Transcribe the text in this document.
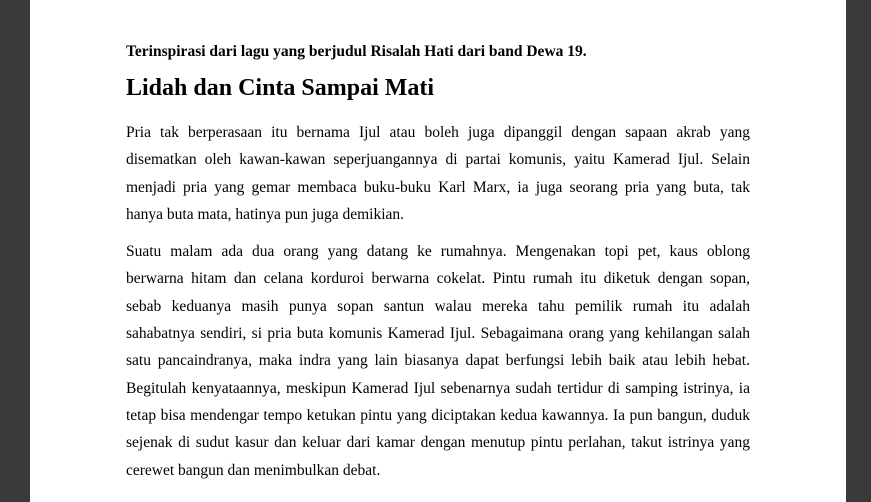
Terinspirasi dari lagu yang berjudul Risalah Hati dari band Dewa 19.

Lidah dan Cinta Sampai Mati
Pria tak berperasaan itu bernama Ijul atau boleh juga dipanggil dengan sapaan akrab yang
disematkan oleh kawan-kawan seperjuangannya di partai komunis, yaitu Kamerad Ijul. Selain
menjadi pria yang gemar membaca buku-buku Karl Marx, ia juga seorang pria yang buta, tak
hanya buta mata, hatinya pun juga demikian.
Suatu malam ada dua orang yang datang ke rumahnya. Mengenakan topi pet, kaus oblong
berwarna hitam dan celana korduroi berwarna cokelat. Pintu rumah itu diketuk dengan sopan,
sebab keduanya masih punya sopan santun walau mereka tahu pemilik rumah itu adalah
sahabatnya sendiri, si pria buta komunis Kamerad Ijul. Sebagaimana orang yang kehilangan salah
satu pancaindranya, maka indra yang lain biasanya dapat berfungsi lebih baik atau lebih hebat.
Begitulah kenyataannya, meskipun Kamerad Ijul sebenarnya sudah tertidur di samping istrinya, ia
tetap bisa mendengar tempo ketukan pintu yang diciptakan kedua kawannya. Ia pun bangun, duduk
sejenak di sudut kasur dan keluar dari kamar dengan menutup pintu perlahan, takut istrinya yang
cerewet bangun dan menimbulkan debat.
